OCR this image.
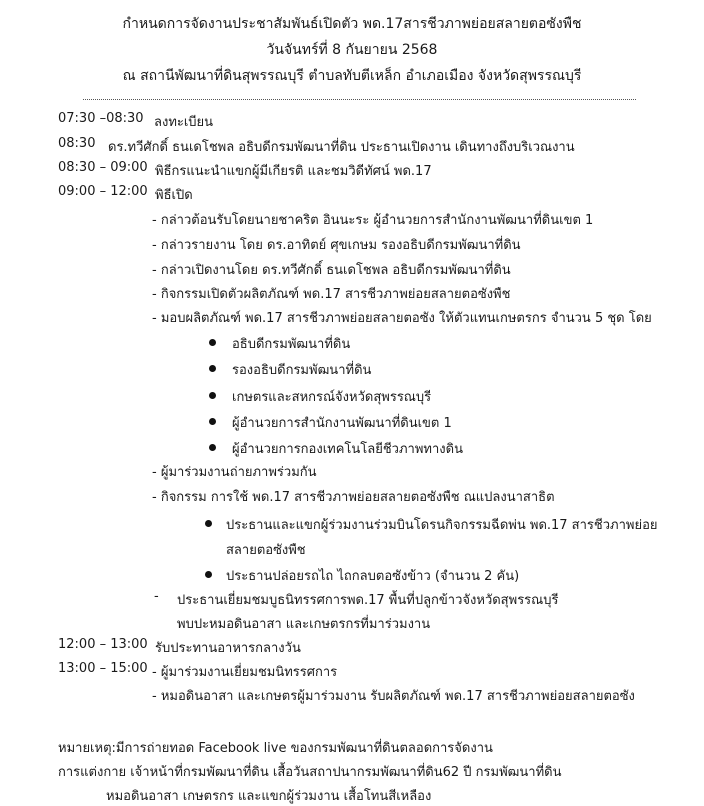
กำหนดการจัดงานประชาสัมพันธ์เปิดตัว พด.17สารชีวภาพย่อยสลายตอซังพืช
วันจันทร์ที่ 8 กันยายน 2568
ณ สถานีพัฒนาที่ดินสุพรรณบุรี ตำบลทับตีเหล็ก อำเภอเมือง จังหวัดสุพรรณบุรี
07:30 –08:30 ลงทะเบียน
08:30 ดร.ทวีศักดิ์ ธนเดโชพล อธิบดีกรมพัฒนาที่ดิน ประธานเปิดงาน เดินทางถึงบริเวณงาน
08:30 – 09:00 พิธีกรแนะนำแขกผู้มีเกียรติ และชมวิดีทัศน์ พด.17
09:00 – 12:00 พิธีเปิด
- กล่าวต้อนรับโดยนายชาคริต อินนะระ ผู้อำนวยการสำนักงานพัฒนาที่ดินเขต 1
- กล่าวรายงาน โดย ดร.อาทิตย์ ศุขเกษม รองอธิบดีกรมพัฒนาที่ดิน
- กล่าวเปิดงานโดย ดร.ทวีศักดิ์ ธนเดโชพล อธิบดีกรมพัฒนาที่ดิน
- กิจกรรมเปิดตัวผลิตภัณฑ์ พด.17 สารชีวภาพย่อยสลายตอซังพืช
- มอบผลิตภัณฑ์ พด.17 สารชีวภาพย่อยสลายตอซัง ให้ตัวแทนเกษตรกร จำนวน 5 ชุด โดย
อธิบดีกรมพัฒนาที่ดิน
รองอธิบดีกรมพัฒนาที่ดิน
เกษตรและสหกรณ์จังหวัดสุพรรณบุรี
ผู้อำนวยการสำนักงานพัฒนาที่ดินเขต 1
ผู้อำนวยการกองเทคโนโลยีชีวภาพทางดิน
- ผู้มาร่วมงานถ่ายภาพร่วมกัน
- กิจกรรม การใช้ พด.17 สารชีวภาพย่อยสลายตอซังพืช ณแปลงนาสาธิต
ประธานและแขกผู้ร่วมงานร่วมบินโดรนกิจกรรมฉีดพ่น พด.17 สารชีวภาพย่อย
สลายตอซังพืช
ประธานปล่อยรถไถ ไถกลบตอซังข้าว (จำนวน 2 คัน)
- ประธานเยี่ยมชมบูธนิทรรศการพด.17 พื้นที่ปลูกข้าวจังหวัดสุพรรณบุรี
พบปะหมอดินอาสา และเกษตรกรที่มาร่วมงาน
12:00 – 13:00 รับประทานอาหารกลางวัน
13:00 – 15:00 - ผู้มาร่วมงานเยี่ยมชมนิทรรศการ
- หมอดินอาสา และเกษตรผู้มาร่วมงาน รับผลิตภัณฑ์ พด.17 สารชีวภาพย่อยสลายตอซัง
หมายเหตุ:มีการถ่ายทอด Facebook live ของกรมพัฒนาที่ดินตลอดการจัดงาน
การแต่งกาย เจ้าหน้าที่กรมพัฒนาที่ดิน เสื้อวันสถาปนากรมพัฒนาที่ดิน62 ปี กรมพัฒนาที่ดิน
หมอดินอาสา เกษตรกร และแขกผู้ร่วมงาน เสื้อโทนสีเหลือง
